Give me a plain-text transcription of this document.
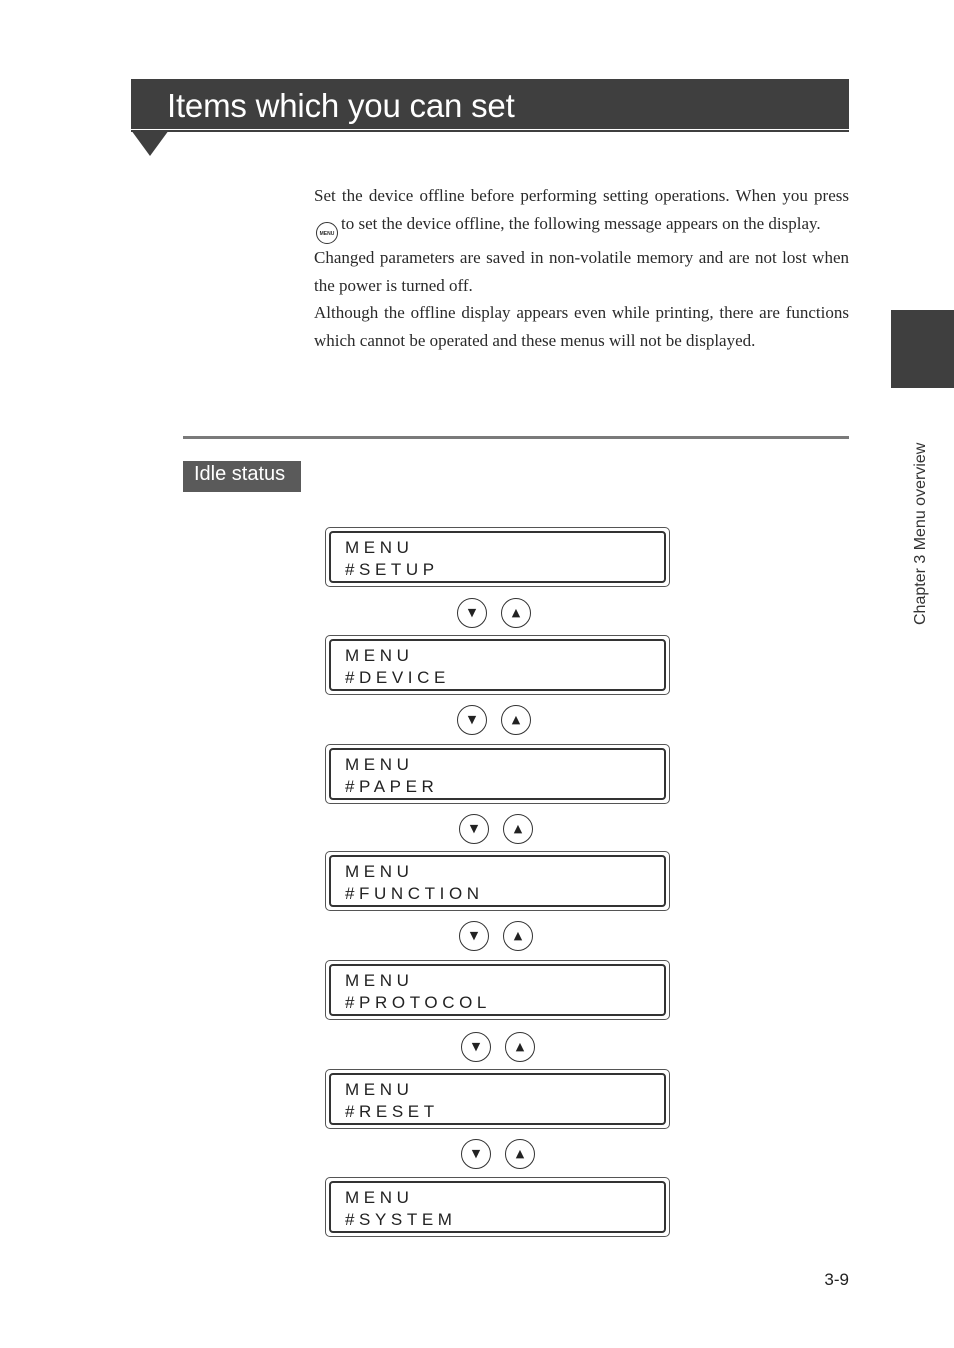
Items which you can set

Set the device offline before performing setting operations. When you press MENUto set the device offline, the following message appears on the display.

Changed parameters are saved in non-volatile memory and are not lost when the power is turned off.

Although the offline display appears even while printing, there are functions which cannot be operated and these menus will not be displayed.

Idle status
MENU
#SETUP
▼	▲
MENU
#DEVICE
▼	▲
MENU
#PAPER
▼	▲
MENU
#FUNCTION
▼	▲
MENU
#PROTOCOL
▼	▲
MENU
#RESET
▼	▲
MENU
#SYSTEM
Chapter 3 Menu overview
3-9
